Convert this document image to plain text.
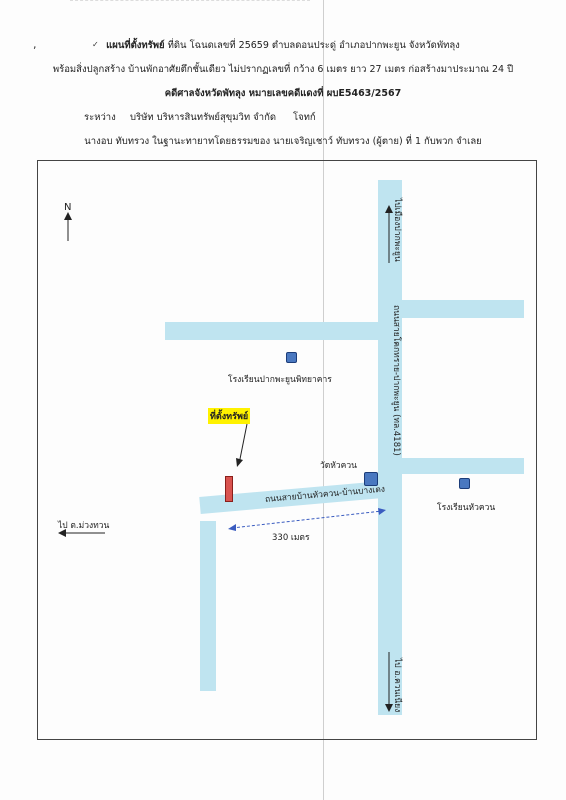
,	✓ แผนที่ตั้งทรัพย์ ที่ดิน โฉนดเลขที่ 25659 ตำบลดอนประดู่ อำเภอปากพะยูน จังหวัดพัทลุง
พร้อมสิ่งปลูกสร้าง บ้านพักอาศัยตึกชั้นเดียว ไม่ปรากฏเลขที่ กว้าง 6 เมตร ยาว 27 เมตร ก่อสร้างมาประมาณ 24 ปี
คดีศาลจังหวัดพัทลุง หมายเลขคดีแดงที่ ผบE5463/2567
ระหว่าง บริษัท บริหารสินทรัพย์สุขุมวิท จำกัด โจทก์
นางอบ ทับทรวง ในฐานะทายาทโดยธรรมของ นายเจริญเชาว์ ทับทรวง (ผู้ตาย) ที่ 1 กับพวก จำเลย
N	ไปเมืองปากพะยูน
ถนนสายโคกทราย-ปากพะยูน (ทล.4181)
โรงเรียนปากพะยูนพิทยาคาร
ที่ตั้งทรัพย์
วัดหัวควน
โรงเรียนหัวควน
ถนนสายบ้านหัวควน-บ้านบางเตง
330 เมตร
ไป ต.ม่วงทวน
ไป อ.ควนเนียง
